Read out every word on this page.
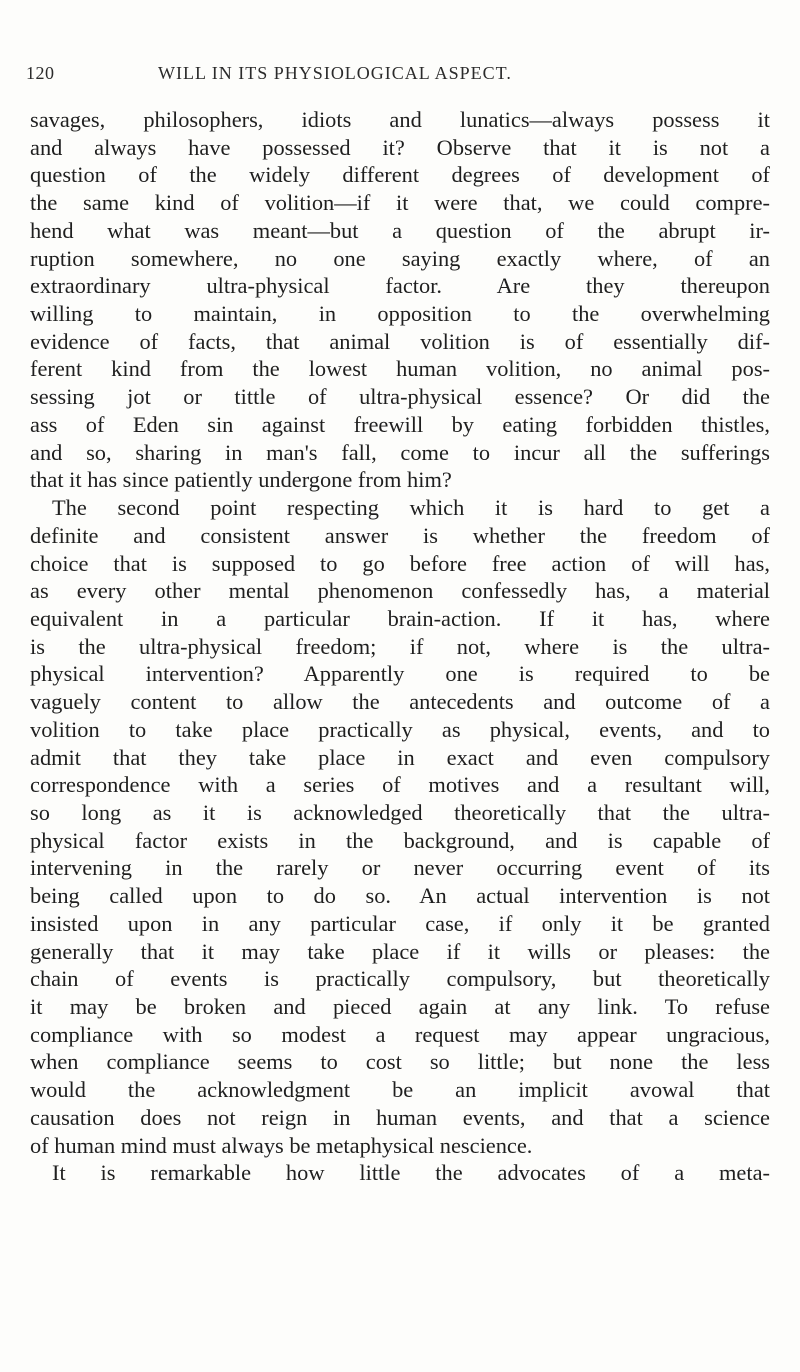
120	WILL IN ITS PHYSIOLOGICAL ASPECT.
savages, philosophers, idiots and lunatics—always possess it
and always have possessed it? Observe that it is not a
question of the widely different degrees of development of
the same kind of volition—if it were that, we could compre-
hend what was meant—but a question of the abrupt ir-
ruption somewhere, no one saying exactly where, of an
extraordinary ultra-physical factor. Are they thereupon
willing to maintain, in opposition to the overwhelming
evidence of facts, that animal volition is of essentially dif-
ferent kind from the lowest human volition, no animal pos-
sessing jot or tittle of ultra-physical essence? Or did the
ass of Eden sin against freewill by eating forbidden thistles,
and so, sharing in man's fall, come to incur all the sufferings
that it has since patiently undergone from him?
The second point respecting which it is hard to get a
definite and consistent answer is whether the freedom of
choice that is supposed to go before free action of will has,
as every other mental phenomenon confessedly has, a material
equivalent in a particular brain-action. If it has, where
is the ultra-physical freedom; if not, where is the ultra-
physical intervention? Apparently one is required to be
vaguely content to allow the antecedents and outcome of a
volition to take place practically as physical, events, and to
admit that they take place in exact and even compulsory
correspondence with a series of motives and a resultant will,
so long as it is acknowledged theoretically that the ultra-
physical factor exists in the background, and is capable of
intervening in the rarely or never occurring event of its
being called upon to do so. An actual intervention is not
insisted upon in any particular case, if only it be granted
generally that it may take place if it wills or pleases: the
chain of events is practically compulsory, but theoretically
it may be broken and pieced again at any link. To refuse
compliance with so modest a request may appear ungracious,
when compliance seems to cost so little; but none the less
would the acknowledgment be an implicit avowal that
causation does not reign in human events, and that a science
of human mind must always be metaphysical nescience.
It is remarkable how little the advocates of a meta-
